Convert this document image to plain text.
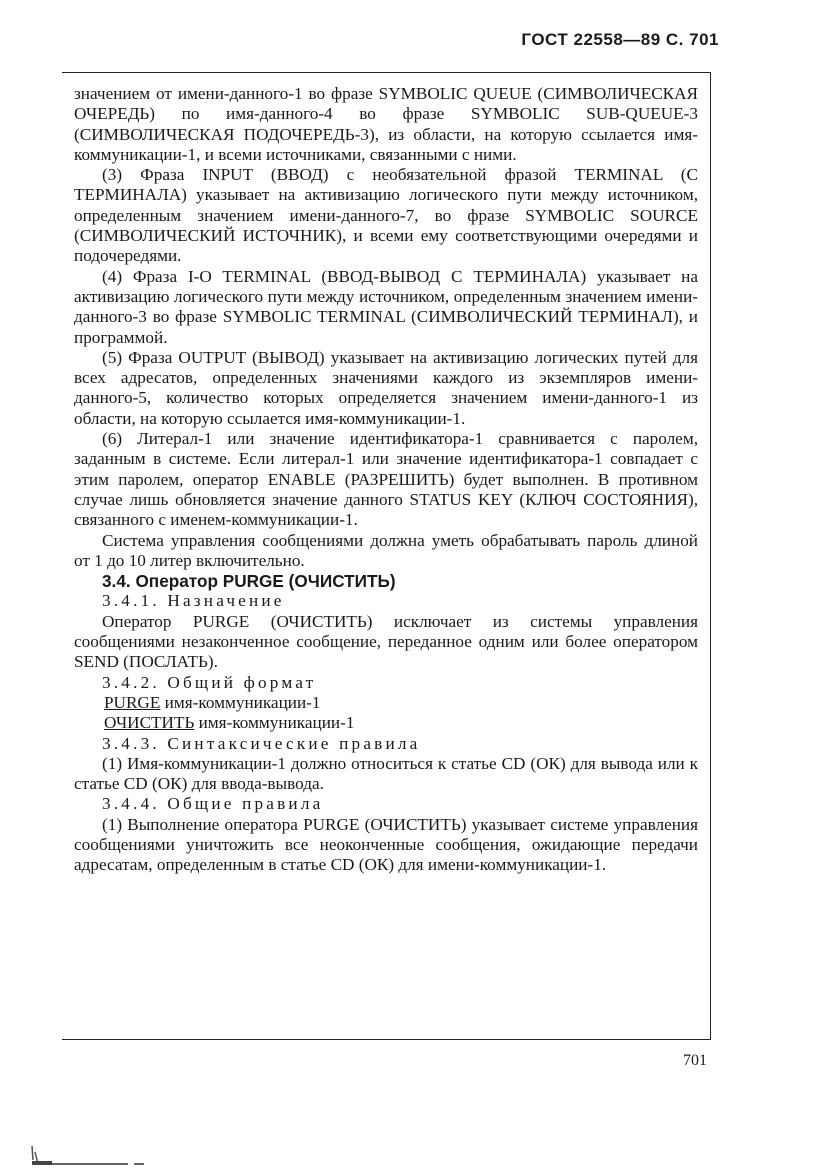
ГОСТ 22558—89 С. 701

значением от имени-данного-1 во фразе SYMBOLIC QUEUE (СИМВОЛИЧЕСКАЯ ОЧЕРЕДЬ) по имя-данного-4 во фразе SYMBOLIC SUB-QUEUE-3 (СИМВОЛИЧЕСКАЯ ПОДОЧЕРЕДЬ-3), из области, на которую ссылается имя-коммуникации-1, и всеми источниками, связанными с ними.

(3) Фраза INPUT (ВВОД) с необязательной фразой TERMINAL (С ТЕРМИНАЛА) указывает на активизацию логического пути между источником, определенным значением имени-данного-7, во фразе SYMBOLIC SOURCE (СИМВОЛИЧЕСКИЙ ИСТОЧНИК), и всеми ему соответствующими очередями и подочередями.

(4) Фраза I-O TERMINAL (ВВОД-ВЫВОД С ТЕРМИНАЛА) указывает на активизацию логического пути между источником, определенным значением имени-данного-3 во фразе SYMBOLIC TERMINAL (СИМВОЛИЧЕСКИЙ ТЕРМИНАЛ), и программой.

(5) Фраза OUTPUT (ВЫВОД) указывает на активизацию логических путей для всех адресатов, определенных значениями каждого из экземпляров имени-данного-5, количество которых определяется значением имени-данного-1 из области, на которую ссылается имя-коммуникации-1.

(6) Литерал-1 или значение идентификатора-1 сравнивается с паролем, заданным в системе. Если литерал-1 или значение идентификатора-1 совпадает с этим паролем, оператор ENABLE (РАЗРЕШИТЬ) будет выполнен. В противном случае лишь обновляется значение данного STATUS KEY (КЛЮЧ СОСТОЯНИЯ), связанного с именем-коммуникации-1.

Система управления сообщениями должна уметь обрабатывать пароль длиной от 1 до 10 литер включительно.

3.4. Оператор PURGE (ОЧИСТИТЬ)

3.4.1. Назначение

Оператор PURGE (ОЧИСТИТЬ) исключает из системы управления сообщениями незаконченное сообщение, переданное одним или более оператором SEND (ПОСЛАТЬ).

3.4.2. Общий формат

PURGE имя-коммуникации-1

ОЧИСТИТЬ имя-коммуникации-1

3.4.3. Синтаксические правила

(1) Имя-коммуникации-1 должно относиться к статье CD (ОК) для вывода или к статье CD (ОК) для ввода-вывода.

3.4.4. Общие правила

(1) Выполнение оператора PURGE (ОЧИСТИТЬ) указывает системе управления сообщениями уничтожить все неоконченные сообщения, ожидающие передачи адресатам, определенным в статье CD (ОК) для имени-коммуникации-1.

701
